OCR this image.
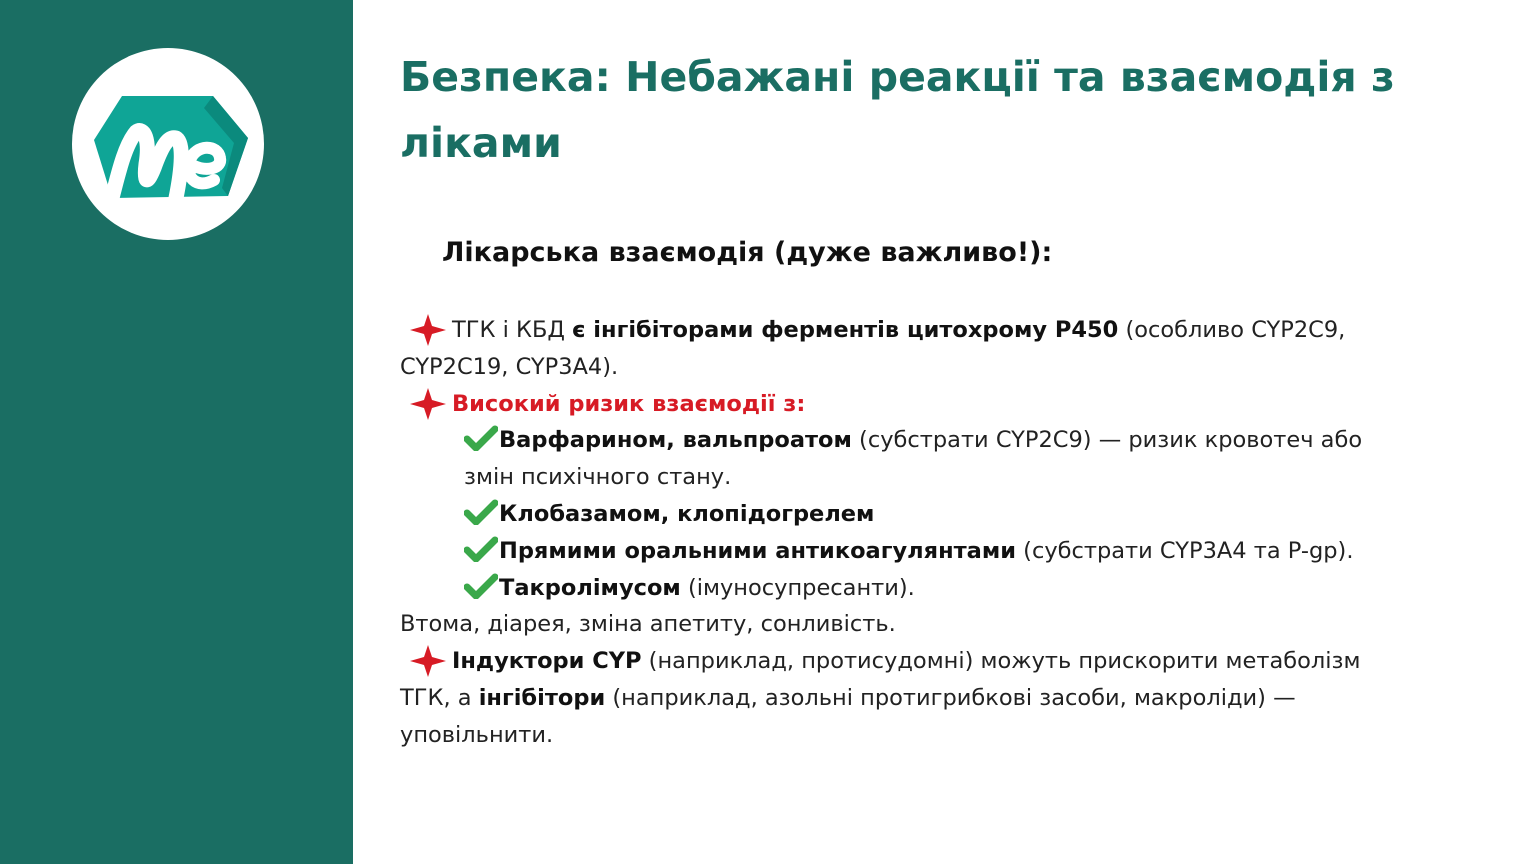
Безпека: Небажані реакції та взаємодія з ліками
Лікарська взаємодія (дуже важливо!):

ТГК і КБД є інгібіторами ферментів цитохрому Р450 (особливо CYP2C9, CYP2C19, CYP3A4).

Високий ризик взаємодії з:

Варфарином, вальпроатом (субстрати CYP2C9) — ризик кровотеч або змін психічного стану.

Клобазамом, клопідогрелем

Прямими оральними антикоагулянтами (субстрати CYP3A4 та P-gp).

Такролімусом (імуносупресанти).

Втома, діарея, зміна апетиту, сонливість.

Індуктори CYP (наприклад, протисудомні) можуть прискорити метаболізм ТГК, а інгібітори (наприклад, азольні протигрибкові засоби, макроліди) — уповільнити.
